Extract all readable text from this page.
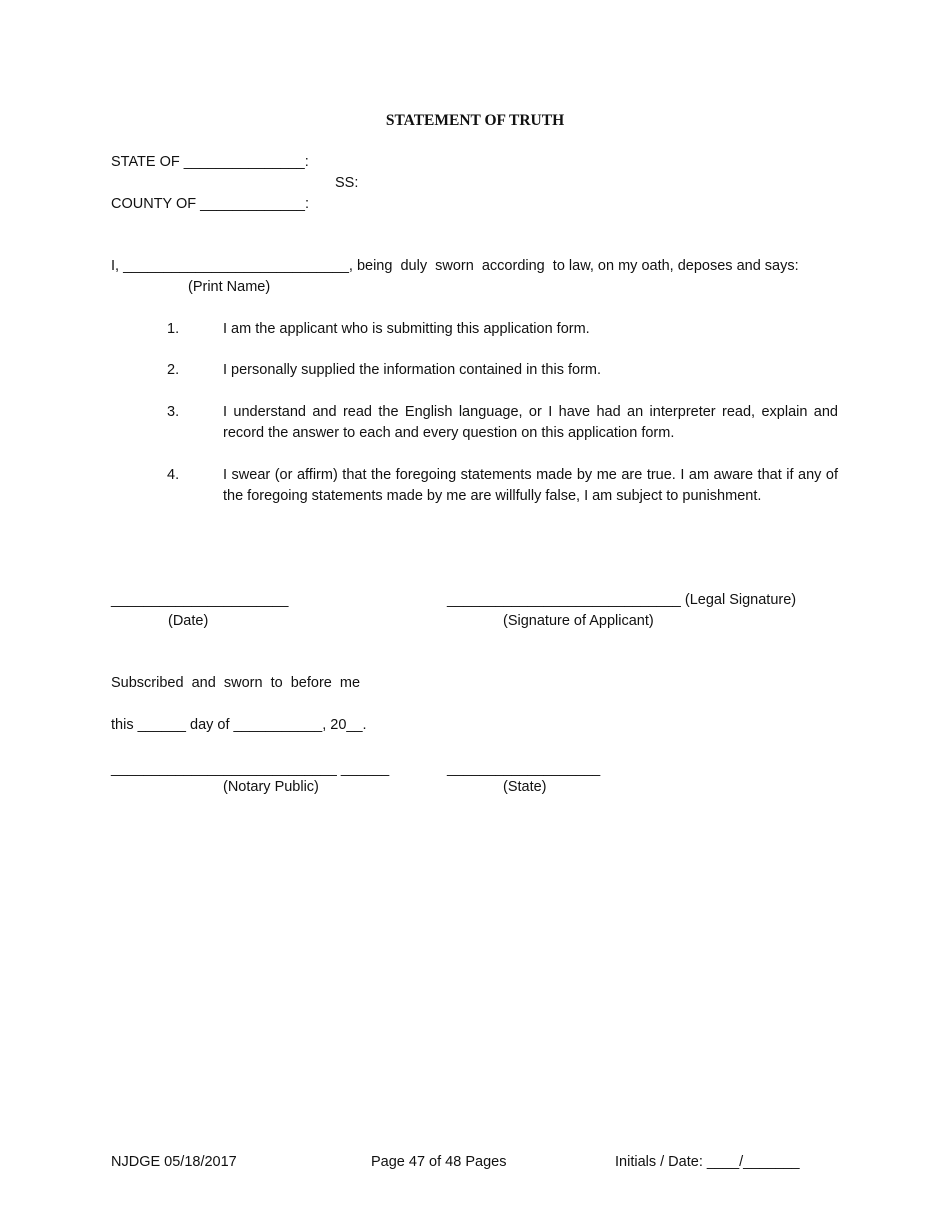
STATEMENT OF TRUTH
STATE OF _______________:
SS:
COUNTY OF _____________:
I, ____________________________, being  duly  sworn  according  to law, on my oath, deposes and says:
(Print Name)
1.	I am the applicant who is submitting this application form.
2.	I personally supplied the information contained in this form.
3.	I understand and read the English language, or I have had an interpreter read, explain and record the answer to each and every question on this application form.
4.	I swear (or affirm) that the foregoing statements made by me are true. I am aware that if any of the foregoing statements made by me are willfully false, I am subject to punishment.
______________________
(Date)
_____________________________ (Legal Signature)
(Signature of Applicant)
Subscribed  and  sworn  to  before  me
this ______ day of ___________, 20__.
____________________________ ______
(Notary Public)
___________________
(State)
NJDGE 05/18/2017	Page 47 of 48 Pages	Initials / Date: ____/_______
